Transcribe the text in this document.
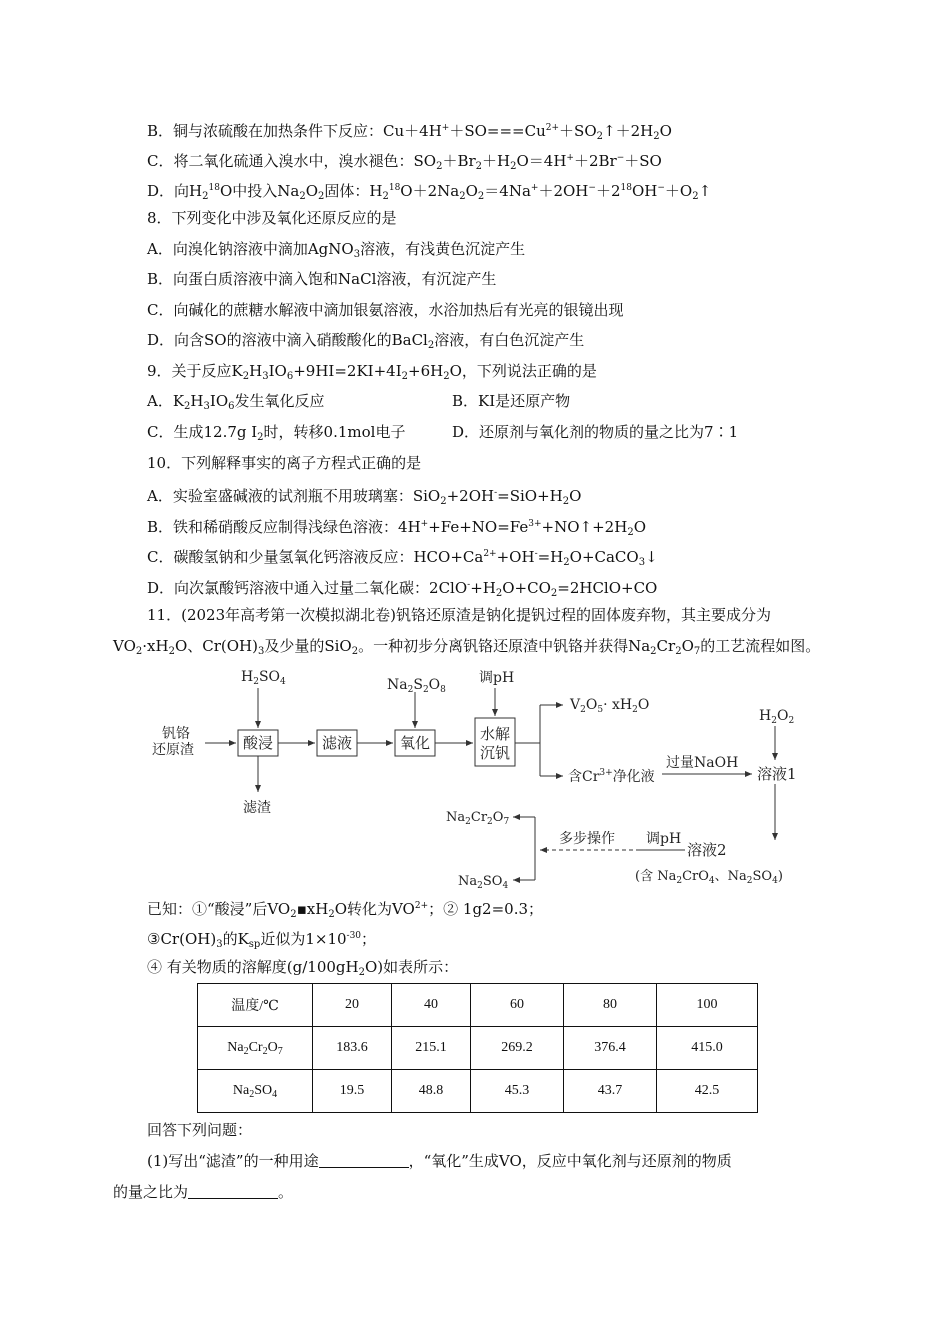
B．铜与浓硫酸在加热条件下反应：$Cu+4H^++SO===Cu^{2+}+SO_2↑+2H_2O$
C．将二氧化硫通入溴水中，溴水褪色：$SO_2+Br_2+H_2O=4H^++2Br^-+SO$
D．向$H_2^{18}O$中投入$Na_2O_2$固体：$H_2^{18}O+2Na_2O_2=4Na^++2OH^-+2^{18}OH^-+O_2↑$
8．下列变化中涉及氧化还原反应的是
A．向溴化钠溶液中滴加AgNO$_3$溶液，有浅黄色沉淀产生
B．向蛋白质溶液中滴入饱和NaCl溶液，有沉淀产生
C．向碱化的蔗糖水解液中滴加银氨溶液，水浴加热后有光亮的银镜出现
D．向含SO的溶液中滴入硝酸酸化的BaCl$_2$溶液，有白色沉淀产生
9．关于反应$K_2H_3IO_6+9HI=2KI+4I_2+6H_2O$，下列说法正确的是
A．$K_2H_3IO_6$发生氧化反应	B．KI是还原产物
C．生成12.7g $I_2$时，转移0.1mol电子	D．还原剂与氧化剂的物质的量之比为7∶1
10．下列解释事实的离子方程式正确的是
A．实验室盛碱液的试剂瓶不用玻璃塞：$SiO_2+2OH^-=SiO+H_2O$
B．铁和稀硝酸反应制得浅绿色溶液：$4H^++Fe+NO=Fe^{3+}+NO↑+2H_2O$
C．碳酸氢钠和少量氢氧化钙溶液反应：$HCO+Ca^{2+}+OH^-=H_2O+CaCO_3↓$
D．向次氯酸钙溶液中通入过量二氧化碳：$2ClO^-+H_2O+CO_2=2HClO+CO$
11．(2023年高考第一次模拟湖北卷)钒铬还原渣是钠化提钒过程的固体废弃物，其主要成分为
$VO_2\cdot xH_2O$、$Cr(OH)_3$及少量的SiO$_2$。一种初步分离钒铬还原渣中钒铬并获得$Na_2Cr_2O_7$的工艺流程如图。
钒铬
还原渣
$H_2SO_4$
酸浸
滤渣
滤液
$Na_2S_2O_8$
氧化
调pH
水解
沉钒
$V_2O_5\cdot xH_2O$
含$Cr^{3+}$净化液
过量NaOH
$H_2O_2$
溶液1
溶液2
(含 $Na_2CrO_4$、$Na_2SO_4$)
多步操作 调pH
$Na_2Cr_2O_7$
$Na_2SO_4$
已知：①“酸浸”后$VO_2▪xH_2O$转化为$VO^{2+}$；② 1g2=0.3；
$③Cr(OH)_3$的$K_{sp}$近似为$1\times 10^{-30}$；
④ 有关物质的溶解度$(g/100gH_2O)$如表所示：
温度/℃	20	40	60	80	100
$Na_2Cr_2O_7$	183.6	215.1	269.2	376.4	415.0
$Na_2SO_4$	19.5	48.8	45.3	43.7	42.5
回答下列问题：
(1)写出“滤渣”的一种用途	，“氧化”生成VO，反应中氧化剂与还原剂的物质
的量之比为	。
